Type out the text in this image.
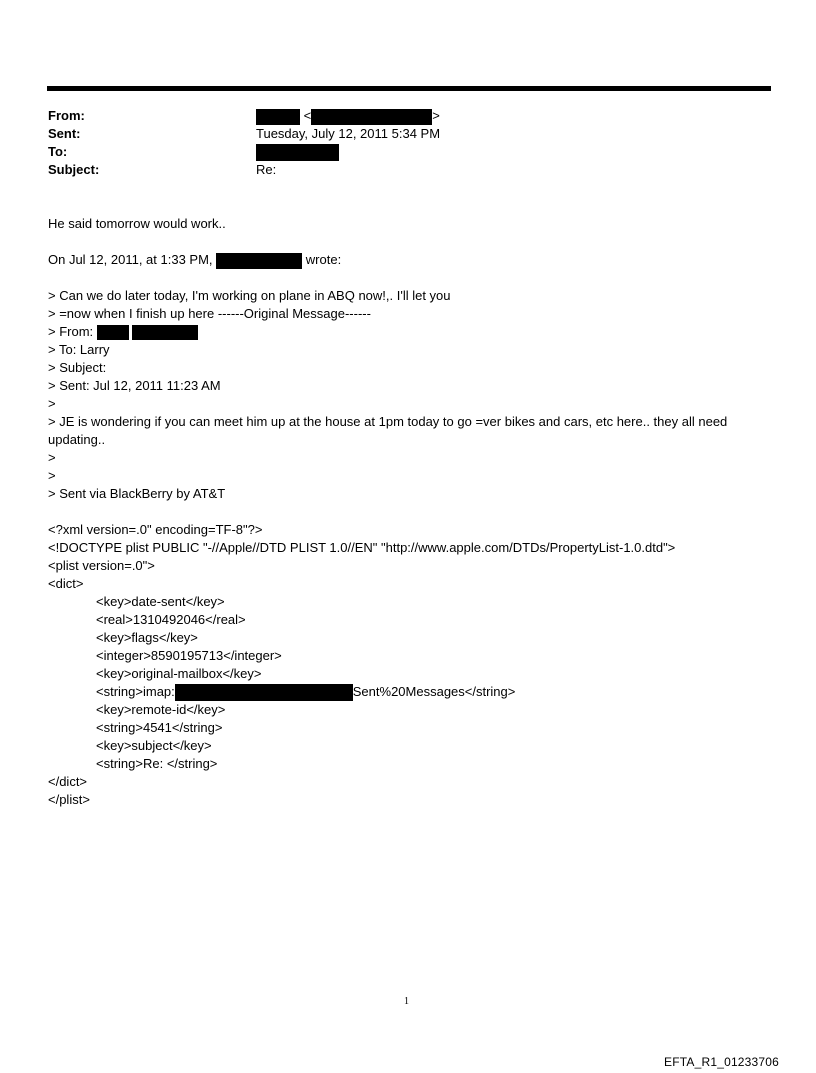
From:	<	>
Sent:	Tuesday, July 12, 2011 5:34 PM
To:
Subject:	Re:
He said tomorrow would work..
On Jul 12, 2011, at 1:33 PM,	wrote:
> Can we do later today, I'm working on plane in ABQ now!,. I'll let you
> =now when I finish up here ------Original Message------
> From:
> To: Larry
> Subject:
> Sent: Jul 12, 2011 11:23 AM
>
> JE is wondering if you can meet him up at the house at 1pm today to go =ver bikes and cars, etc here.. they all need
updating..
>
>
> Sent via BlackBerry by AT&T
<?xml version=.0" encoding=TF-8"?>
<!DOCTYPE plist PUBLIC "-//Apple//DTD PLIST 1.0//EN" "http://www.apple.com/DTDs/PropertyList-1.0.dtd">
<plist version=.0">
<dict>
<key>date-sent</key>
<real>1310492046</real>
<key>flags</key>
<integer>8590195713</integer>
<key>original-mailbox</key>
<string>imap:	Sent%20Messages</string>
<key>remote-id</key>
<string>4541</string>
<key>subject</key>
<string>Re: </string>
</dict>
</plist>
1
EFTA_R1_01233706
